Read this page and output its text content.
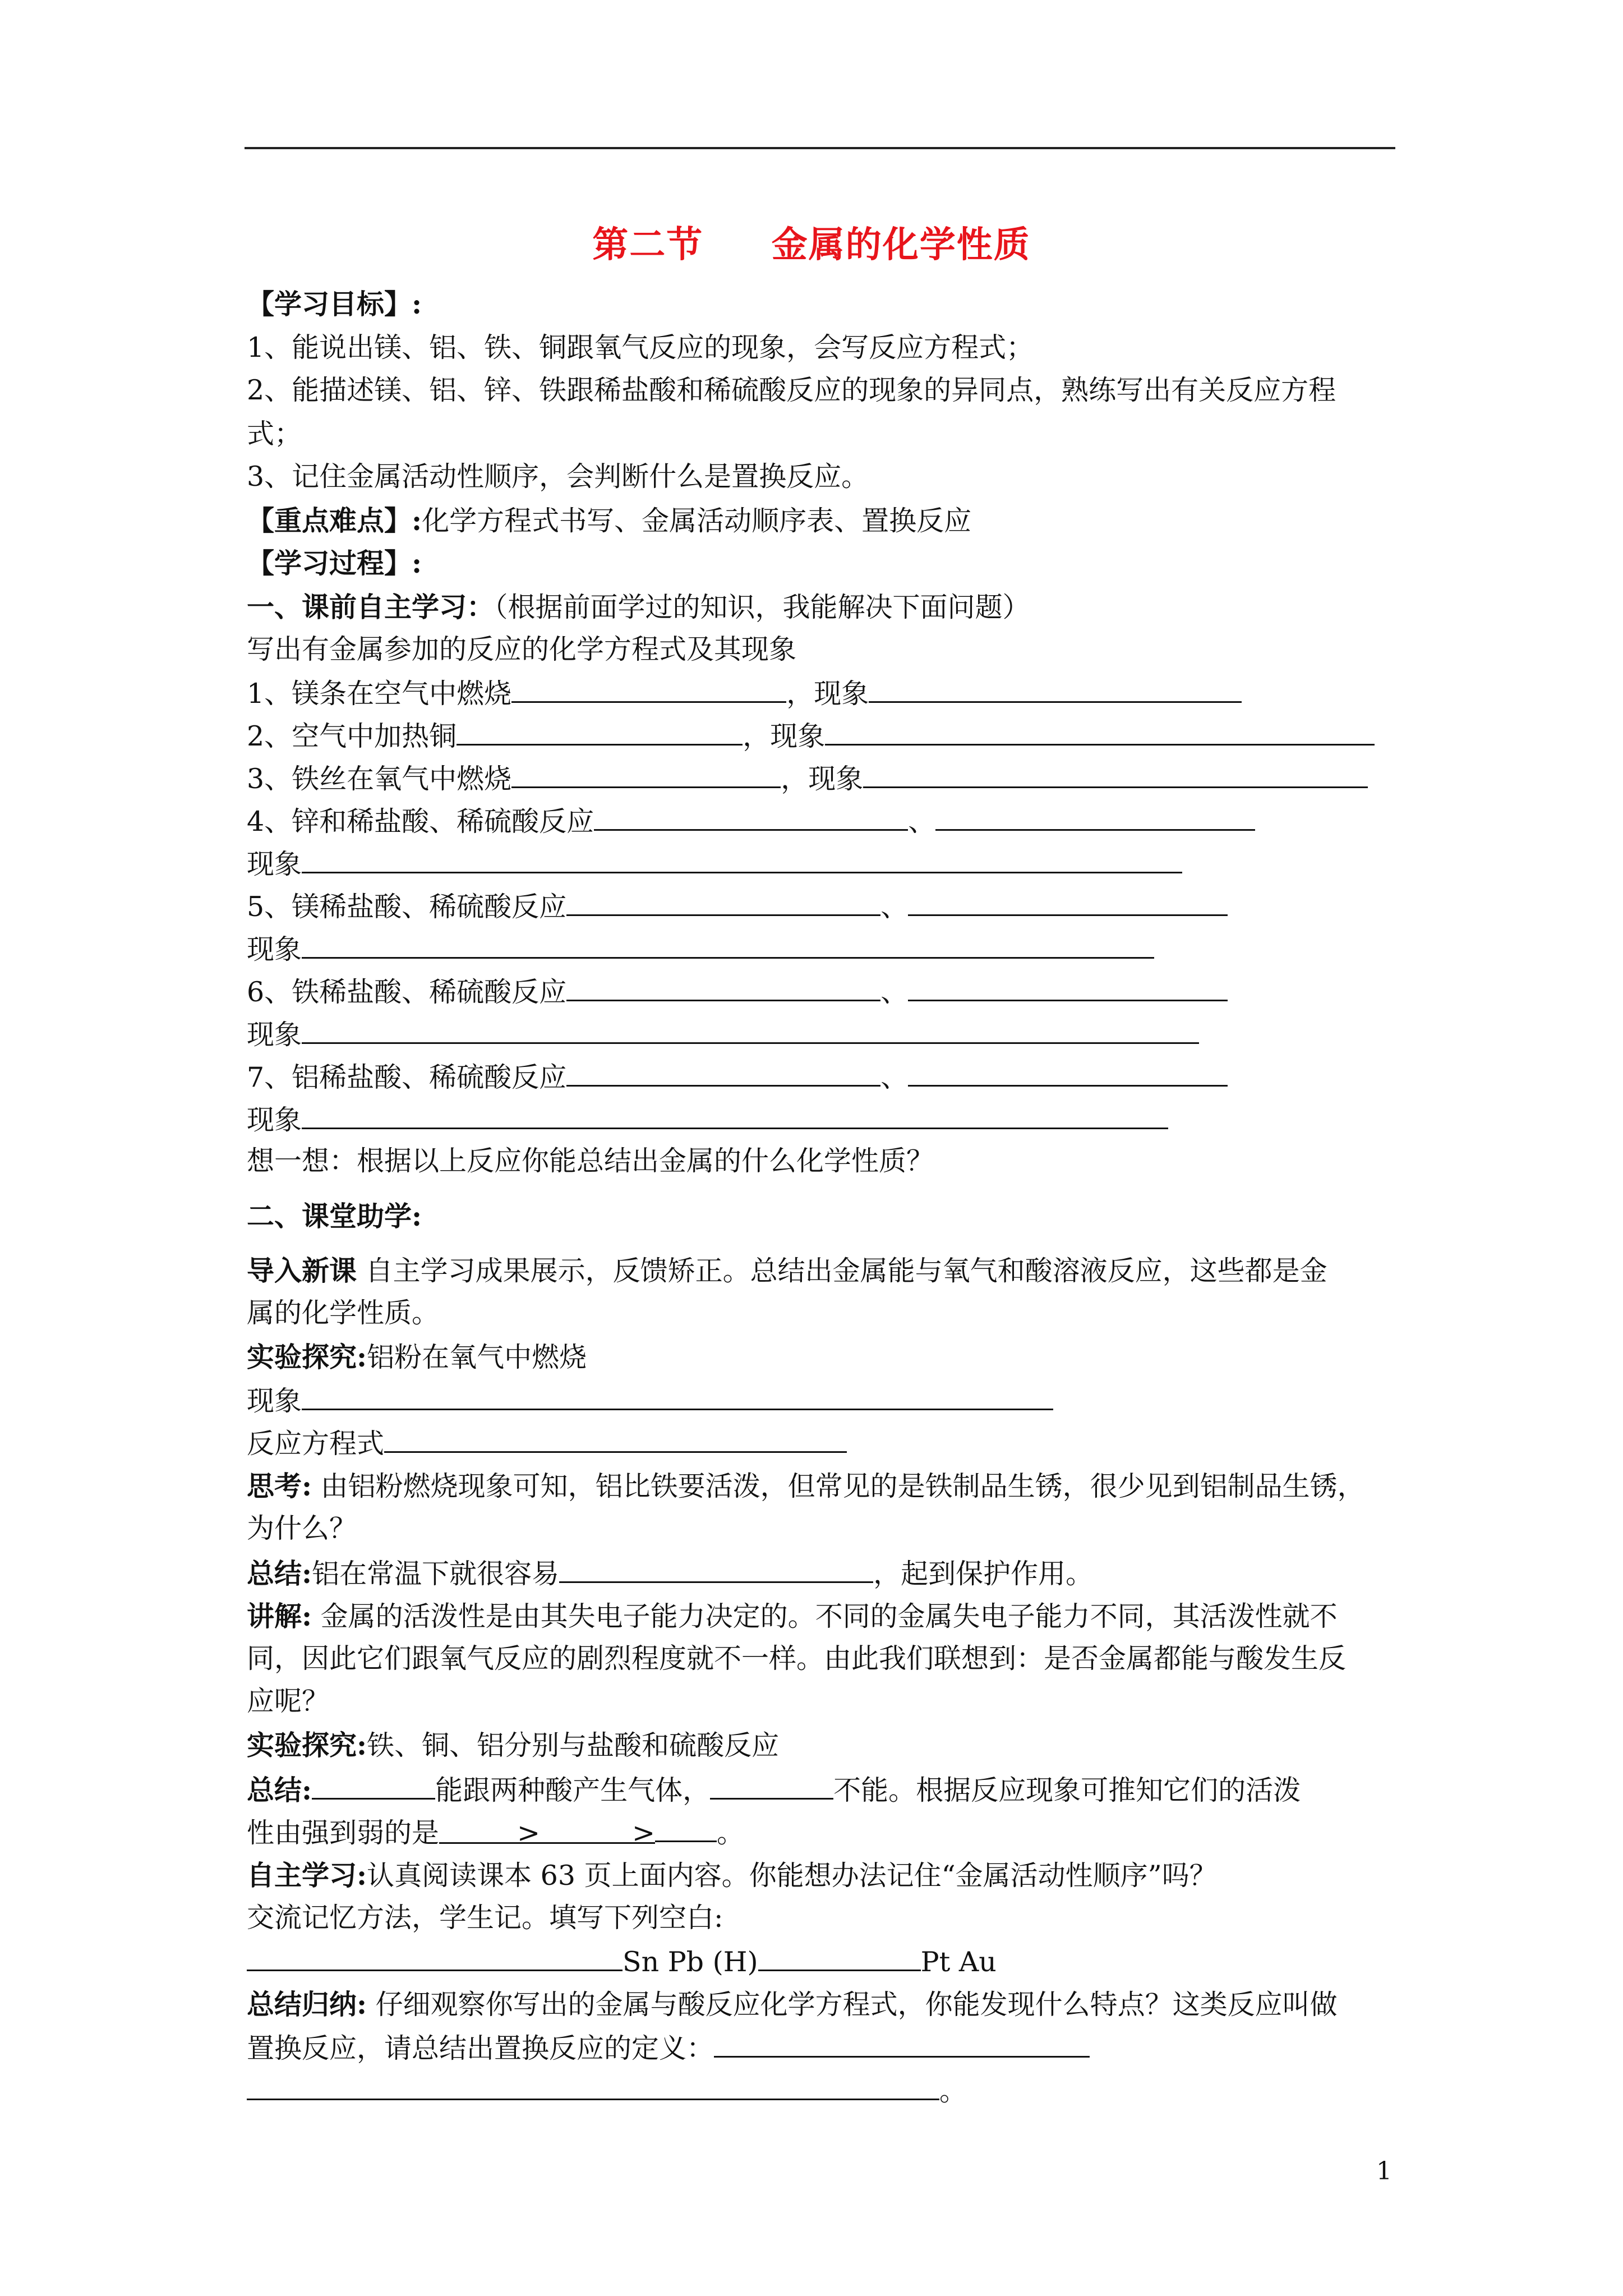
第二节     金属的化学性质
【学习目标】:
1、能说出镁、铝、铁、铜跟氧气反应的现象，会写反应方程式；
2、能描述镁、铝、锌、铁跟稀盐酸和稀硫酸反应的现象的异同点，熟练写出有关反应方程
式；
3、记住金属活动性顺序，会判断什么是置换反应。
【重点难点】:化学方程式书写、金属活动顺序表、置换反应
【学习过程】:
一、课前自主学习：（根据前面学过的知识，我能解决下面问题）
写出有金属参加的反应的化学方程式及其现象
1、镁条在空气中燃烧	，现象
2、空气中加热铜	，现象
3、铁丝在氧气中燃烧	，现象
4、锌和稀盐酸、稀硫酸反应	、
现象
5、镁稀盐酸、稀硫酸反应	、
现象
6、铁稀盐酸、稀硫酸反应	、
现象
7、铝稀盐酸、稀硫酸反应	、
现象
想一想：根据以上反应你能总结出金属的什么化学性质？
二、课堂助学:
导入新课 自主学习成果展示，反馈矫正。总结出金属能与氧气和酸溶液反应，这些都是金
属的化学性质。
实验探究:铝粉在氧气中燃烧
现象
反应方程式
思考: 由铝粉燃烧现象可知，铝比铁要活泼，但常见的是铁制品生锈，很少见到铝制品生锈，
为什么？
总结:铝在常温下就很容易	，起到保护作用。
讲解: 金属的活泼性是由其失电子能力决定的。不同的金属失电子能力不同，其活泼性就不
同，因此它们跟氧气反应的剧烈程度就不一样。由此我们联想到：是否金属都能与酸发生反
应呢？
实验探究:铁、铜、铝分别与盐酸和硫酸反应
总结:	能跟两种酸产生气体，	不能。根据反应现象可推知它们的活泼
性由强到弱的是	>	> 。
自主学习:认真阅读课本 63 页上面内容。你能想办法记住“金属活动性顺序”吗？
交流记忆方法，学生记。填写下列空白:
Sn Pb (H)	Pt Au
总结归纳: 仔细观察你写出的金属与酸反应化学方程式，你能发现什么特点？这类反应叫做
置换反应，请总结出置换反应的定义：
。
1
